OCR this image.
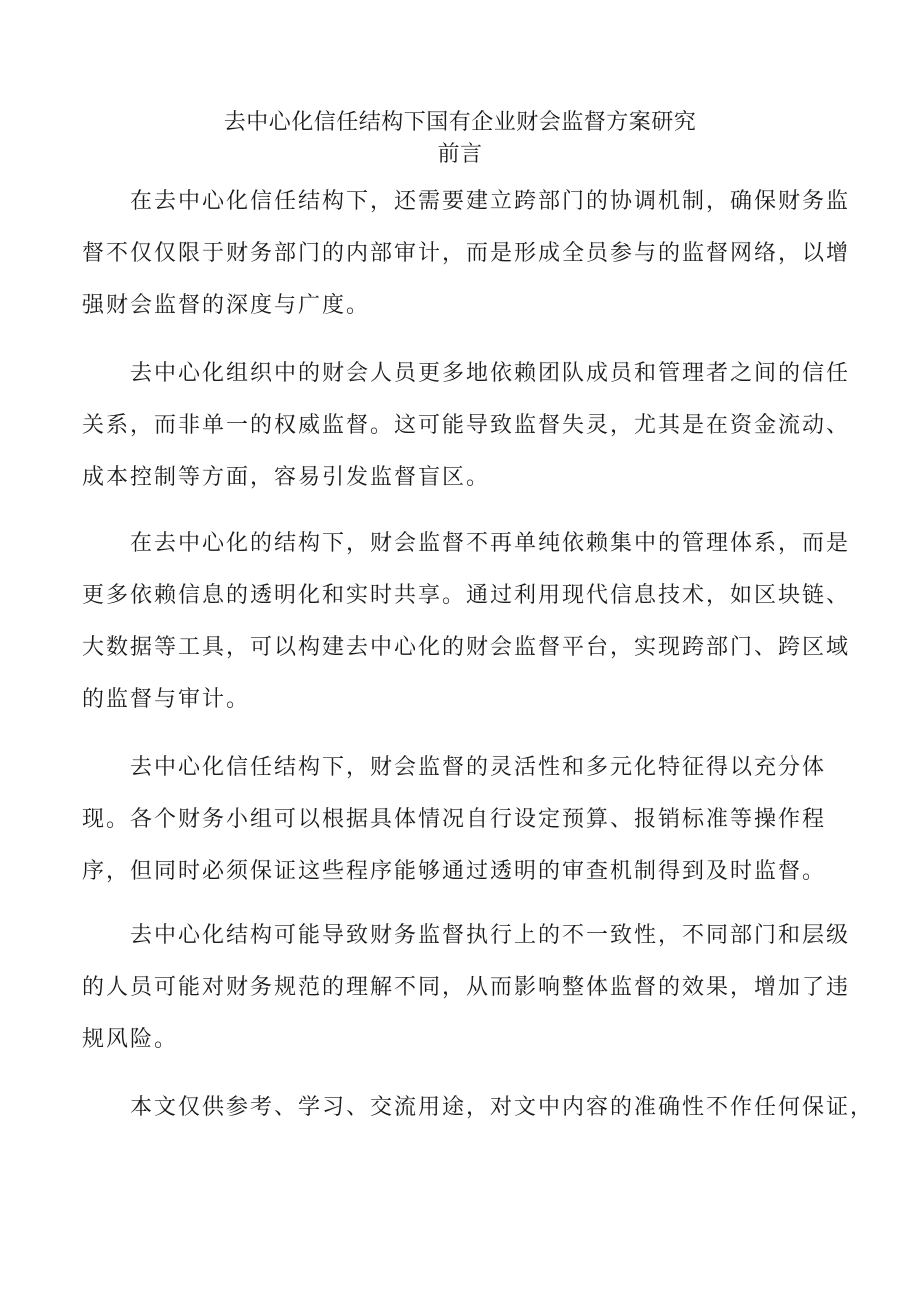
去中心化信任结构下国有企业财会监督方案研究
前言
在去中心化信任结构下，还需要建立跨部门的协调机制，确保财务监
督不仅仅限于财务部门的内部审计，而是形成全员参与的监督网络，以增
强财会监督的深度与广度。
去中心化组织中的财会人员更多地依赖团队成员和管理者之间的信任
关系，而非单一的权威监督。这可能导致监督失灵，尤其是在资金流动、
成本控制等方面，容易引发监督盲区。
在去中心化的结构下，财会监督不再单纯依赖集中的管理体系，而是
更多依赖信息的透明化和实时共享。通过利用现代信息技术，如区块链、
大数据等工具，可以构建去中心化的财会监督平台，实现跨部门、跨区域
的监督与审计。
去中心化信任结构下，财会监督的灵活性和多元化特征得以充分体
现。各个财务小组可以根据具体情况自行设定预算、报销标准等操作程
序，但同时必须保证这些程序能够通过透明的审查机制得到及时监督。
去中心化结构可能导致财务监督执行上的不一致性，不同部门和层级
的人员可能对财务规范的理解不同，从而影响整体监督的效果，增加了违
规风险。
本文仅供参考、学习、交流用途，对文中内容的准确性不作任何保证，
